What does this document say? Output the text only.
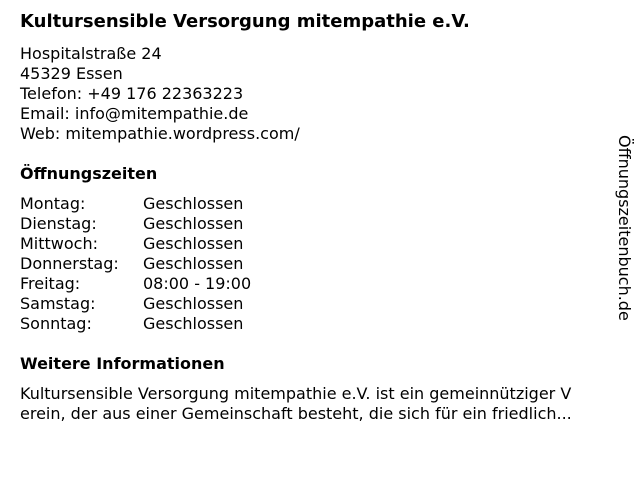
Kultursensible Versorgung mitempathie e.V.
Hospitalstraße 24
45329 Essen
Telefon: +49 176 22363223
Email: info@mitempathie.de
Web: mitempathie.wordpress.com/
Öffnungszeiten
Montag:	Geschlossen
Dienstag:	Geschlossen
Mittwoch:	Geschlossen
Donnerstag: Geschlossen
Freitag:	08:00 - 19:00
Samstag:	Geschlossen
Sonntag:	Geschlossen
Weitere Informationen

Kultursensible Versorgung mitempathie e.V. ist ein gemeinnütziger V

erein, der aus einer Gemeinschaft besteht, die sich für ein friedlich...

Öffnungszeitenbuch.de
